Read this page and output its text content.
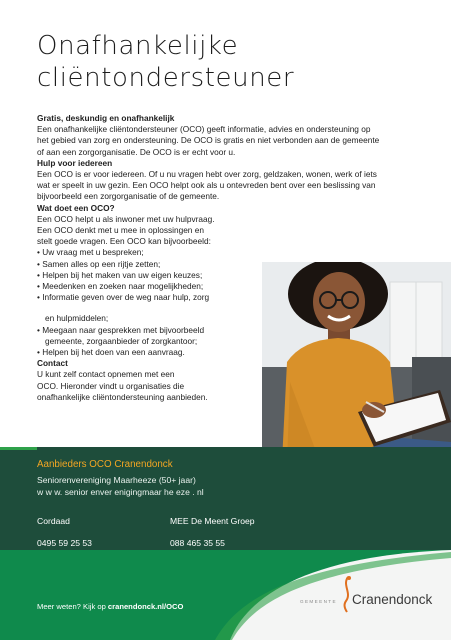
Onafhankelijke
cliëntondersteuner

Gratis, deskundig en onafhankelijk

Een onafhankelijke cliëntondersteuner (OCO) geeft informatie, advies en ondersteuning op

het gebied van zorg en ondersteuning. De OCO is gratis en niet verbonden aan de gemeente

of aan een zorgorganisatie. De OCO is er echt voor u.

Hulp voor iedereen

Een OCO is er voor iedereen. Of u nu vragen hebt over zorg, geldzaken, wonen, werk of iets

wat er speelt in uw gezin. Een OCO helpt ook als u ontevreden bent over een beslissing van

bijvoorbeeld een zorgorganisatie of de gemeente.

Wat doet een OCO?

Een OCO helpt u als inwoner met uw hulpvraag.

Een OCO denkt met u mee in oplossingen en

stelt goede vragen. Een OCO kan bijvoorbeeld:

• Uw vraag met u bespreken;

• Samen alles op een rijtje zetten;

• Helpen bij het maken van uw eigen keuzes;

• Meedenken en zoeken naar mogelijkheden;

• Informatie geven over de weg naar hulp, zorg

en hulpmiddelen;

• Meegaan naar gesprekken met bijvoorbeeld

gemeente, zorgaanbieder of zorgkantoor;

• Helpen bij het doen van een aanvraag.

Contact

U kunt zelf contact opnemen met een

OCO. Hieronder vindt u organisaties die

onafhankelijke cliëntondersteuning aanbieden.

Aanbieders OCO Cranendonck
Seniorenvereniging Maarheeze (50+ jaar)
w w w. senior enver enigingmaar he eze . nl
Cordaad
0495 59 25 53
MEE De Meent Groep
088 465 35 55
Meer weten? Kijk op cranendonck.nl/OCO
GEMEENTE Cranendonck
